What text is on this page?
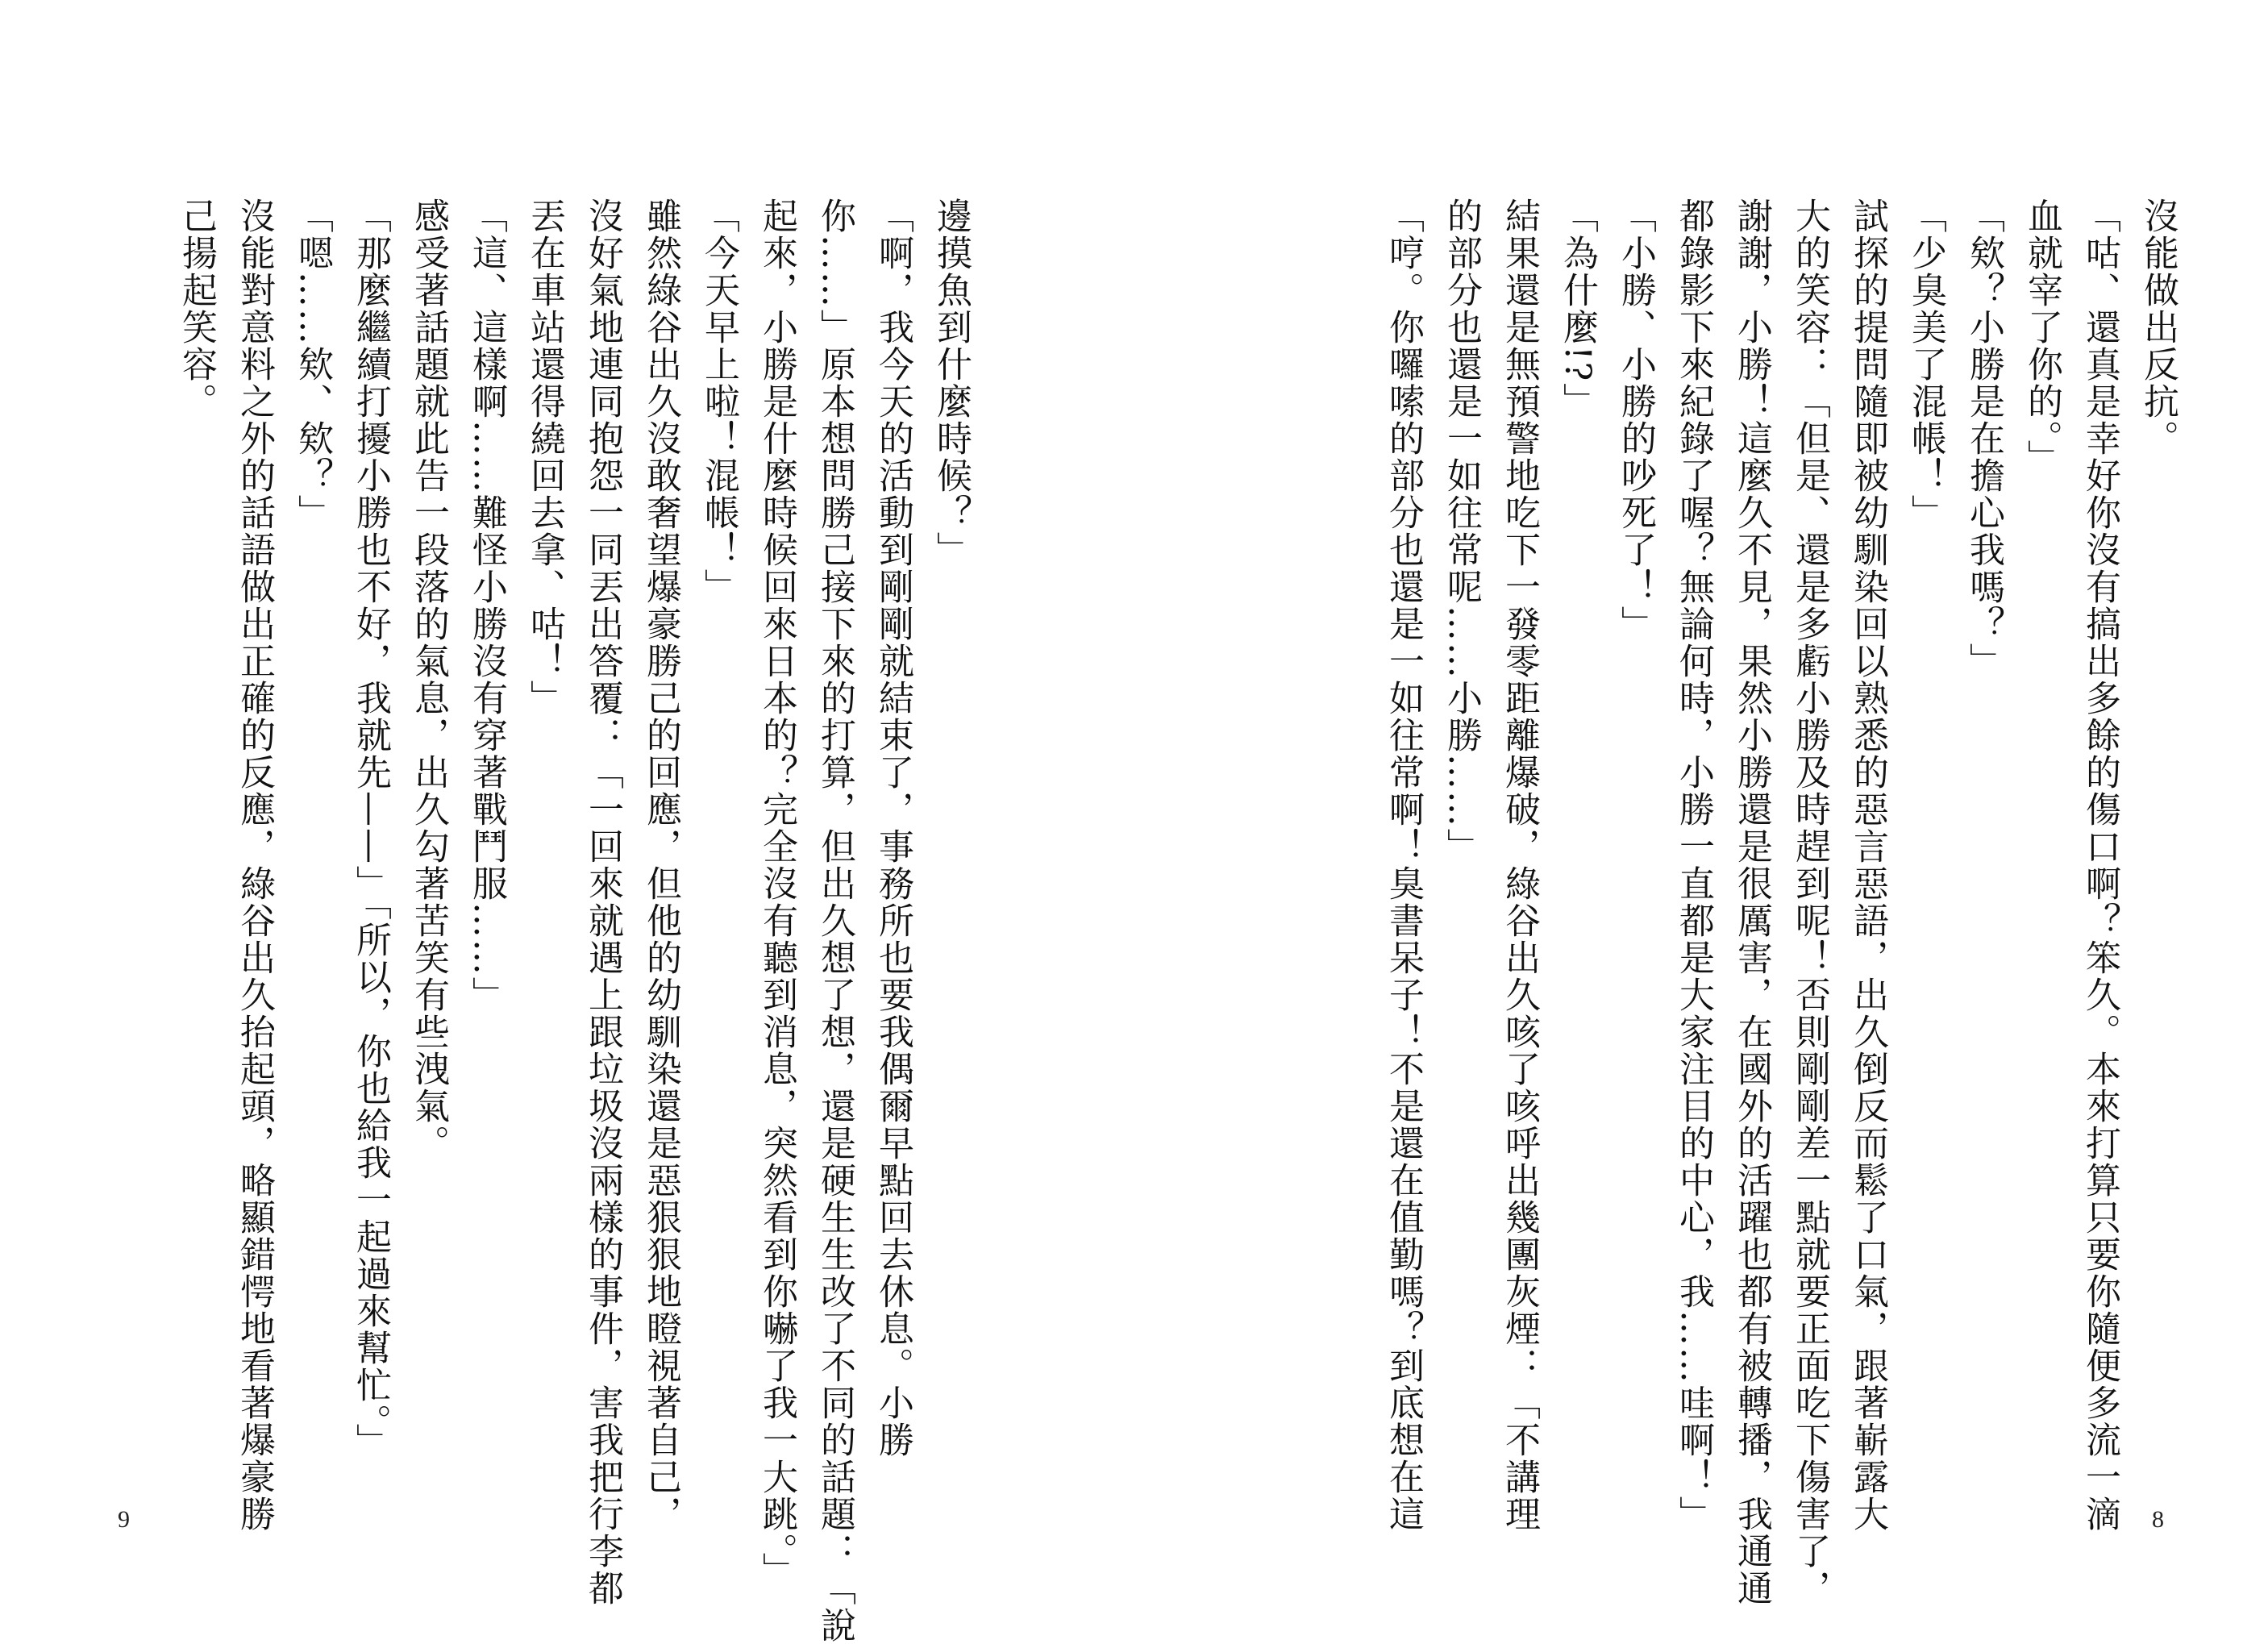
邊摸魚到什麼時候？」
「啊，我今天的活動到剛剛就結束了，事務所也要我偶爾早點回去休息。小勝
你……」原本想問勝己接下來的打算，但出久想了想，還是硬生生改了不同的話題：「說
起來，小勝是什麼時候回來日本的？完全沒有聽到消息，突然看到你嚇了我一大跳。」
「今天早上啦！混帳！」
雖然綠谷出久沒敢奢望爆豪勝己的回應，但他的幼馴染還是惡狠狠地瞪視著自己，
沒好氣地連同抱怨一同丟出答覆：「一回來就遇上跟垃圾沒兩樣的事件，害我把行李都
丟在車站還得繞回去拿、咕！」
「這、這樣啊……難怪小勝沒有穿著戰鬥服……」
感受著話題就此告一段落的氣息，出久勾著苦笑有些洩氣。
「那麼繼續打擾小勝也不好，我就先——」「所以，你也給我一起過來幫忙。」
「嗯……欸、欸？」
沒能對意料之外的話語做出正確的反應，綠谷出久抬起頭，略顯錯愕地看著爆豪勝
己揚起笑容。
9
沒能做出反抗。
「咕、還真是幸好你沒有搞出多餘的傷口啊？笨久。本來打算只要你隨便多流一滴
血就宰了你的。」
「欸？小勝是在擔心我嗎？」
「少臭美了混帳！」
試探的提問隨即被幼馴染回以熟悉的惡言惡語，出久倒反而鬆了口氣，跟著嶄露大
大的笑容：「但是、還是多虧小勝及時趕到呢！否則剛剛差一點就要正面吃下傷害了，
謝謝，小勝！這麼久不見，果然小勝還是很厲害，在國外的活躍也都有被轉播，我通通
都錄影下來紀錄了喔？無論何時，小勝一直都是大家注目的中心，我……哇啊！」
「小勝、小勝的吵死了！」
「為什麼!?」
結果還是無預警地吃下一發零距離爆破，綠谷出久咳了咳呼出幾團灰煙：「不講理
的部分也還是一如往常呢……小勝……」
「哼。你囉嗦的部分也還是一如往常啊！臭書呆子！不是還在值勤嗎？到底想在這	8
